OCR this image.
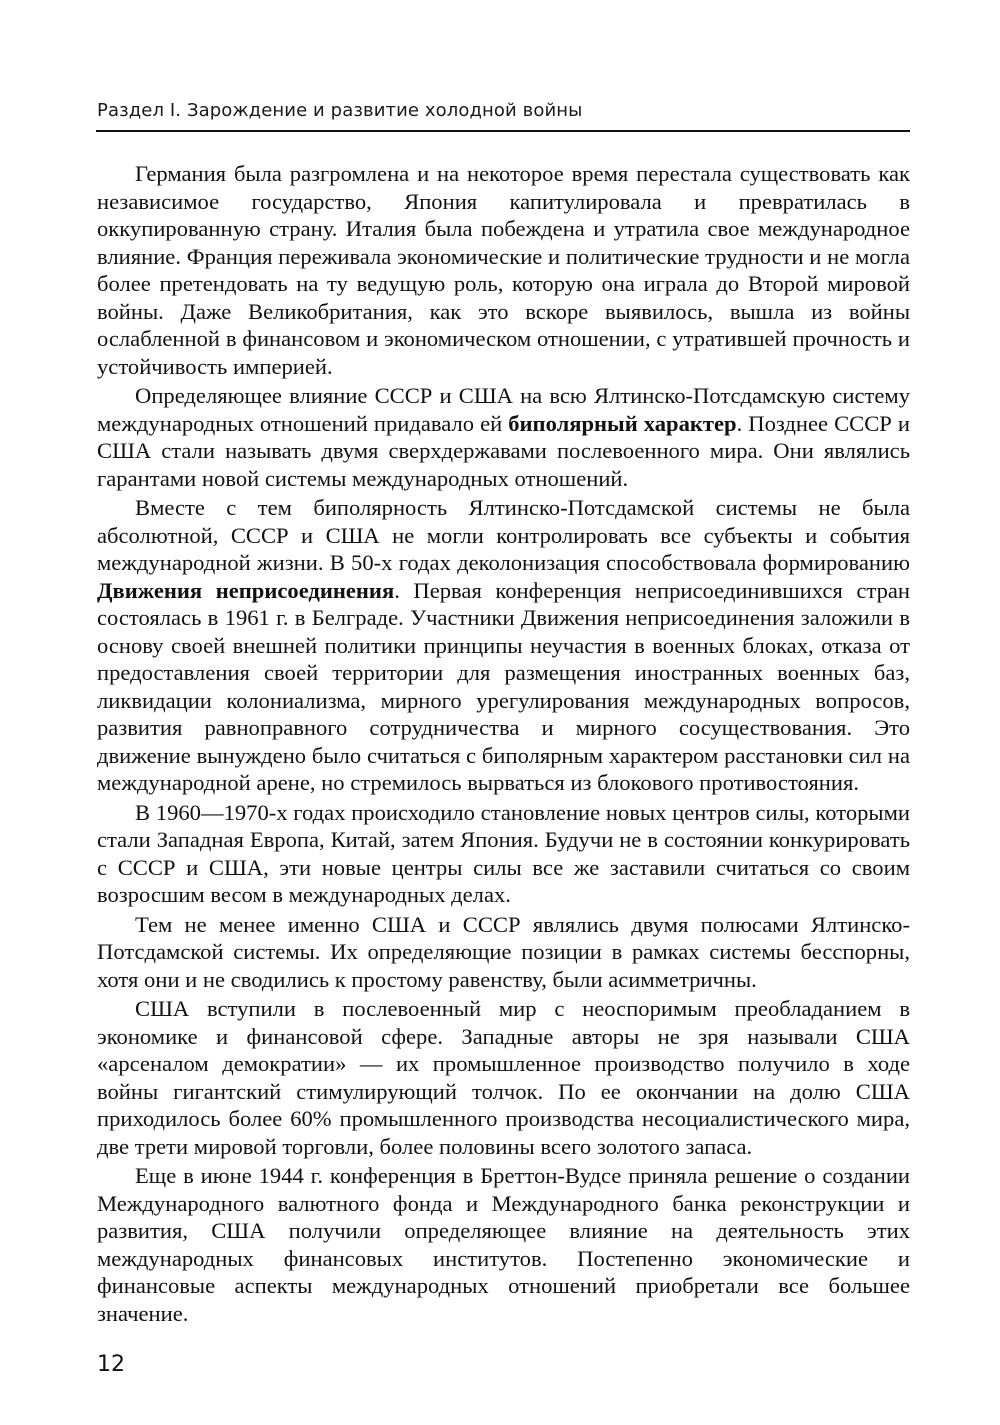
Раздел I. Зарождение и развитие холодной войны

Германия была разгромлена и на некоторое время перестала существовать как независимое государство, Япония капитулировала и превратилась в оккупированную страну. Италия была побеждена и утратила свое международное влияние. Франция переживала экономические и политические трудности и не могла более претендовать на ту ведущую роль, которую она играла до Второй мировой войны. Даже Великобритания, как это вскоре выявилось, вышла из войны ослабленной в финансовом и экономическом отношении, с утратившей прочность и устойчивость империей.

Определяющее влияние СССР и США на всю Ялтинско-Потсдамскую систему международных отношений придавало ей биполярный характер. Позднее СССР и США стали называть двумя сверхдержавами послевоенного мира. Они являлись гарантами новой системы международных отношений.

Вместе с тем биполярность Ялтинско-Потсдамской системы не была абсолютной, СССР и США не могли контролировать все субъекты и события международной жизни. В 50-х годах деколонизация способствовала формированию Движения неприсоединения. Первая конференция неприсоединившихся стран состоялась в 1961 г. в Белграде. Участники Движения неприсоединения заложили в основу своей внешней политики принципы неучастия в военных блоках, отказа от предоставления своей территории для размещения иностранных военных баз, ликвидации колониализма, мирного урегулирования международных вопросов, развития равноправного сотрудничества и мирного сосуществования. Это движение вынуждено было считаться с биполярным характером расстановки сил на международной арене, но стремилось вырваться из блокового противостояния.

В 1960—1970-х годах происходило становление новых центров силы, которыми стали Западная Европа, Китай, затем Япония. Будучи не в состоянии конкурировать с СССР и США, эти новые центры силы все же заставили считаться со своим возросшим весом в международных делах.

Тем не менее именно США и СССР являлись двумя полюсами Ялтинско-Потсдамской системы. Их определяющие позиции в рамках системы бесспорны, хотя они и не сводились к простому равенству, были асимметричны.

США вступили в послевоенный мир с неоспоримым преобладанием в экономике и финансовой сфере. Западные авторы не зря называли США «арсеналом демократии» — их промышленное производство получило в ходе войны гигантский стимулирующий толчок. По ее окончании на долю США приходилось более 60% промышленного производства несоциалистического мира, две трети мировой торговли, более половины всего золотого запаса.

Еще в июне 1944 г. конференция в Бреттон-Вудсе приняла решение о создании Международного валютного фонда и Международного банка реконструкции и развития, США получили определяющее влияние на деятельность этих международных финансовых институтов. Постепенно экономические и финансовые аспекты международных отношений приобретали все большее значение.

12
